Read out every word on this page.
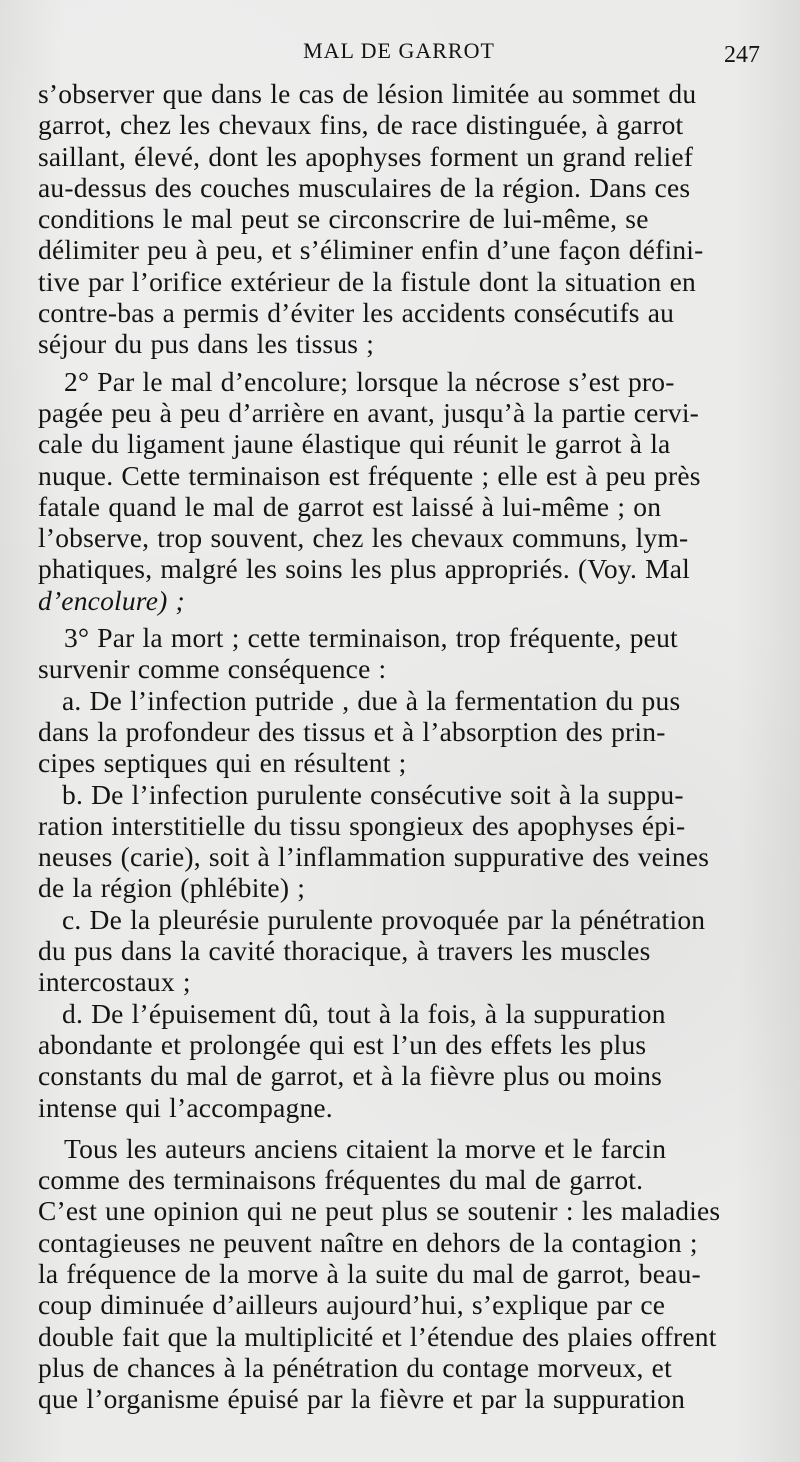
MAL DE GARROT	247
s’observer que dans le cas de lésion limitée au sommet du
garrot, chez les chevaux fins, de race distinguée, à garrot
saillant, élevé, dont les apophyses forment un grand relief
au-dessus des couches musculaires de la région. Dans ces
conditions le mal peut se circonscrire de lui-même, se
délimiter peu à peu, et s’éliminer enfin d’une façon défini-
tive par l’orifice extérieur de la fistule dont la situation en
contre-bas a permis d’éviter les accidents consécutifs au
séjour du pus dans les tissus ;
2° Par le mal d’encolure; lorsque la nécrose s’est pro-
pagée peu à peu d’arrière en avant, jusqu’à la partie cervi-
cale du ligament jaune élastique qui réunit le garrot à la
nuque. Cette terminaison est fréquente ; elle est à peu près
fatale quand le mal de garrot est laissé à lui-même ; on
l’observe, trop souvent, chez les chevaux communs, lym-
phatiques, malgré les soins les plus appropriés. (Voy. Mal
d’encolure) ;
3° Par la mort ; cette terminaison, trop fréquente, peut
survenir comme conséquence :
a. De l’infection putride , due à la fermentation du pus
dans la profondeur des tissus et à l’absorption des prin-
cipes septiques qui en résultent ;
b. De l’infection purulente consécutive soit à la suppu-
ration interstitielle du tissu spongieux des apophyses épi-
neuses (carie), soit à l’inflammation suppurative des veines
de la région (phlébite) ;
c. De la pleurésie purulente provoquée par la pénétration
du pus dans la cavité thoracique, à travers les muscles
intercostaux ;
d. De l’épuisement dû, tout à la fois, à la suppuration
abondante et prolongée qui est l’un des effets les plus
constants du mal de garrot, et à la fièvre plus ou moins
intense qui l’accompagne.
Tous les auteurs anciens citaient la morve et le farcin
comme des terminaisons fréquentes du mal de garrot.
C’est une opinion qui ne peut plus se soutenir : les maladies
contagieuses ne peuvent naître en dehors de la contagion ;
la fréquence de la morve à la suite du mal de garrot, beau-
coup diminuée d’ailleurs aujourd’hui, s’explique par ce
double fait que la multiplicité et l’étendue des plaies offrent
plus de chances à la pénétration du contage morveux, et
que l’organisme épuisé par la fièvre et par la suppuration
